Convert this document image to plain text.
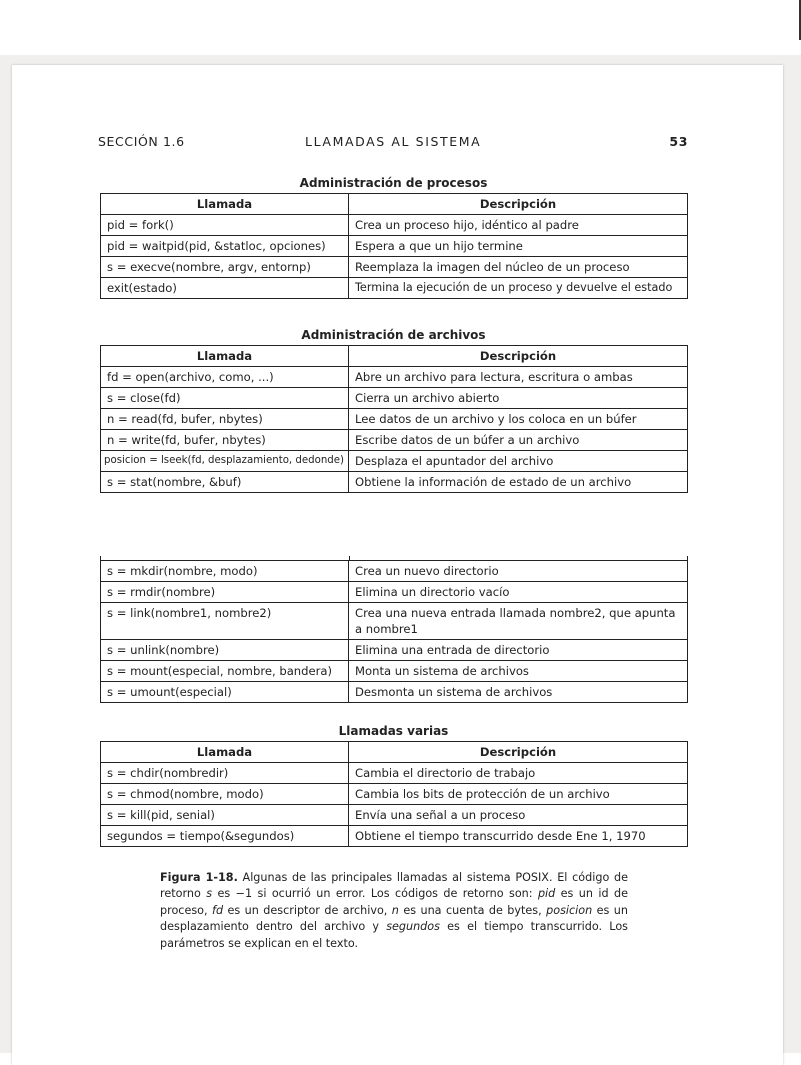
SECCIÓN 1.6	LLAMADAS AL SISTEMA	53
Administración de procesos
Llamada	Descripción
pid = fork()	Crea un proceso hijo, idéntico al padre
pid = waitpid(pid, &statloc, opciones)	Espera a que un hijo termine
s = execve(nombre, argv, entornp)	Reemplaza la imagen del núcleo de un proceso
exit(estado)	Termina la ejecución de un proceso y devuelve el estado
Administración de archivos
Llamada	Descripción
fd = open(archivo, como, ...)	Abre un archivo para lectura, escritura o ambas
s = close(fd)	Cierra un archivo abierto
n = read(fd, bufer, nbytes)	Lee datos de un archivo y los coloca en un búfer
n = write(fd, bufer, nbytes)	Escribe datos de un búfer a un archivo
posicion = lseek(fd, desplazamiento, dedonde)	Desplaza el apuntador del archivo
s = stat(nombre, &buf)	Obtiene la información de estado de un archivo
s = mkdir(nombre, modo)	Crea un nuevo directorio
s = rmdir(nombre)	Elimina un directorio vacío
s = link(nombre1, nombre2)	Crea una nueva entrada llamada nombre2, que apunta a nombre1
s = unlink(nombre)	Elimina una entrada de directorio
s = mount(especial, nombre, bandera)	Monta un sistema de archivos
s = umount(especial)	Desmonta un sistema de archivos
Llamadas varias
Llamada	Descripción
s = chdir(nombredir)	Cambia el directorio de trabajo
s = chmod(nombre, modo)	Cambia los bits de protección de un archivo
s = kill(pid, senial)	Envía una señal a un proceso
segundos = tiempo(&segundos)	Obtiene el tiempo transcurrido desde Ene 1, 1970
Figura 1-18. Algunas de las principales llamadas al sistema POSIX. El código de retorno s es −1 si ocurrió un error. Los códigos de retorno son: pid es un id de proceso, fd es un descriptor de archivo, n es una cuenta de bytes, posicion es un desplazamiento dentro del archivo y segundos es el tiempo transcurrido. Los parámetros se explican en el texto.
